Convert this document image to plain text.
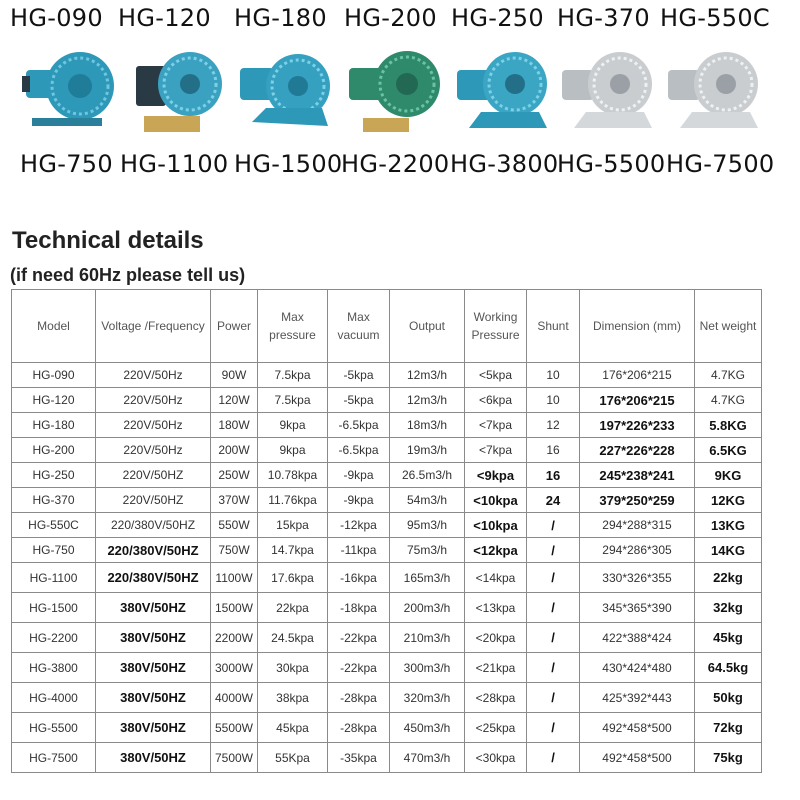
HG-090 HG-120 HG-180 HG-200 HG-250 HG-370 HG-550C
HG-750 HG-1100 HG-1500
HG-2200 HG-3800
HG-5500 HG-7500
Technical details

(if need 60Hz please tell us)

Model	Voltage /Frequency	Power	Max pressure	Max vacuum	Output	Working Pressure	Shunt	Dimension (mm)	Net weight
HG-090	220V/50Hz	90W	7.5kpa	-5kpa	12m3/h	<5kpa	10	176*206*215	4.7KG
HG-120	220V/50Hz	120W	7.5kpa	-5kpa	12m3/h	<6kpa	10	176*206*215	4.7KG
HG-180	220V/50Hz	180W	9kpa	-6.5kpa	18m3/h	<7kpa	12	197*226*233	5.8KG
HG-200	220V/50Hz	200W	9kpa	-6.5kpa	19m3/h	<7kpa	16	227*226*228	6.5KG
HG-250	220V/50HZ	250W	10.78kpa	-9kpa	26.5m3/h	<9kpa	16	245*238*241	9KG
HG-370	220V/50HZ	370W	11.76kpa	-9kpa	54m3/h	<10kpa	24	379*250*259	12KG
HG-550C	220/380V/50HZ	550W	15kpa	-12kpa	95m3/h	<10kpa	/	294*288*315	13KG
HG-750	220/380V/50HZ	750W	14.7kpa	-11kpa	75m3/h	<12kpa	/	294*286*305	14KG
HG-1100	220/380V/50HZ	1100W	17.6kpa	-16kpa	165m3/h	<14kpa	/	330*326*355	22kg
HG-1500	380V/50HZ	1500W	22kpa	-18kpa	200m3/h	<13kpa	/	345*365*390	32kg
HG-2200	380V/50HZ	2200W	24.5kpa	-22kpa	210m3/h	<20kpa	/	422*388*424	45kg
HG-3800	380V/50HZ	3000W	30kpa	-22kpa	300m3/h	<21kpa	/	430*424*480	64.5kg
HG-4000	380V/50HZ	4000W	38kpa	-28kpa	320m3/h	<28kpa	/	425*392*443	50kg
HG-5500	380V/50HZ	5500W	45kpa	-28kpa	450m3/h	<25kpa	/	492*458*500	72kg
HG-7500	380V/50HZ	7500W	55Kpa	-35kpa	470m3/h	<30kpa	/	492*458*500	75kg
